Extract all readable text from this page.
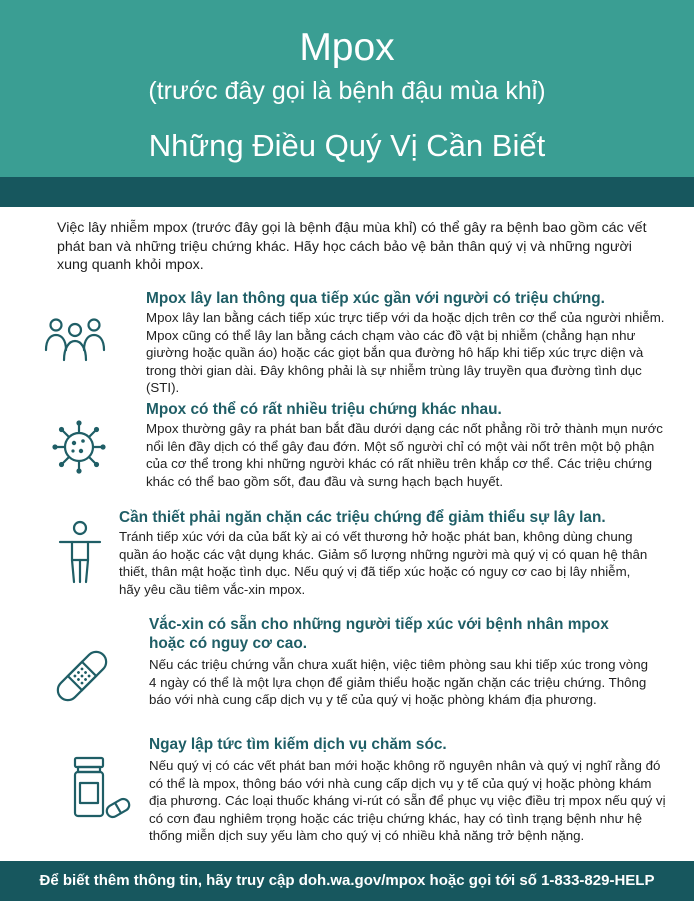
Mpox
(trước đây gọi là bệnh đậu mùa khỉ)
Những Điều Quý Vị Cần Biết

Việc lây nhiễm mpox (trước đây gọi là bệnh đậu mùa khỉ) có thể gây ra bệnh bao gồm các vết phát ban và những triệu chứng khác. Hãy học cách bảo vệ bản thân quý vị và những người xung quanh khỏi mpox.

Mpox lây lan thông qua tiếp xúc gần với người có triệu chứng.

Mpox lây lan bằng cách tiếp xúc trực tiếp với da hoặc dịch trên cơ thể của người nhiễm. Mpox cũng có thể lây lan bằng cách chạm vào các đồ vật bị nhiễm (chẳng hạn như giường hoặc quần áo) hoặc các giọt bắn qua đường hô hấp khi tiếp xúc trực diện và trong thời gian dài. Đây không phải là sự nhiễm trùng lây truyền qua đường tình dục (STI).

Mpox có thể có rất nhiều triệu chứng khác nhau.

Mpox thường gây ra phát ban bắt đầu dưới dạng các nốt phẳng rồi trở thành mụn nước nổi lên đầy dịch có thể gây đau đớn. Một số người chỉ có một vài nốt trên một bộ phận của cơ thể trong khi những người khác có rất nhiều trên khắp cơ thể. Các triệu chứng khác có thể bao gồm sốt, đau đầu và sưng hạch bạch huyết.

Cần thiết phải ngăn chặn các triệu chứng để giảm thiểu sự lây lan.

Tránh tiếp xúc với da của bất kỳ ai có vết thương hở hoặc phát ban, không dùng chung quần áo hoặc các vật dụng khác. Giảm số lượng những người mà quý vị có quan hệ thân thiết, thân mật hoặc tình dục. Nếu quý vị đã tiếp xúc hoặc có nguy cơ cao bị lây nhiễm, hãy yêu cầu tiêm vắc-xin mpox.

Vắc-xin có sẵn cho những người tiếp xúc với bệnh nhân mpox hoặc có nguy cơ cao.

Nếu các triệu chứng vẫn chưa xuất hiện, việc tiêm phòng sau khi tiếp xúc trong vòng 4 ngày có thể là một lựa chọn để giảm thiểu hoặc ngăn chặn các triệu chứng. Thông báo với nhà cung cấp dịch vụ y tế của quý vị hoặc phòng khám địa phương.

Ngay lập tức tìm kiếm dịch vụ chăm sóc.

Nếu quý vị có các vết phát ban mới hoặc không rõ nguyên nhân và quý vị nghĩ rằng đó có thể là mpox, thông báo với nhà cung cấp dịch vụ y tế của quý vị hoặc phòng khám địa phương. Các loại thuốc kháng vi-rút có sẵn để phục vụ việc điều trị mpox nếu quý vị có cơn đau nghiêm trọng hoặc các triệu chứng khác, hay có tình trạng bệnh như hệ thống miễn dịch suy yếu làm cho quý vị có nhiều khả năng trở bệnh nặng.

Để biết thêm thông tin, hãy truy cập doh.wa.gov/mpox hoặc gọi tới số 1-833-829-HELP
